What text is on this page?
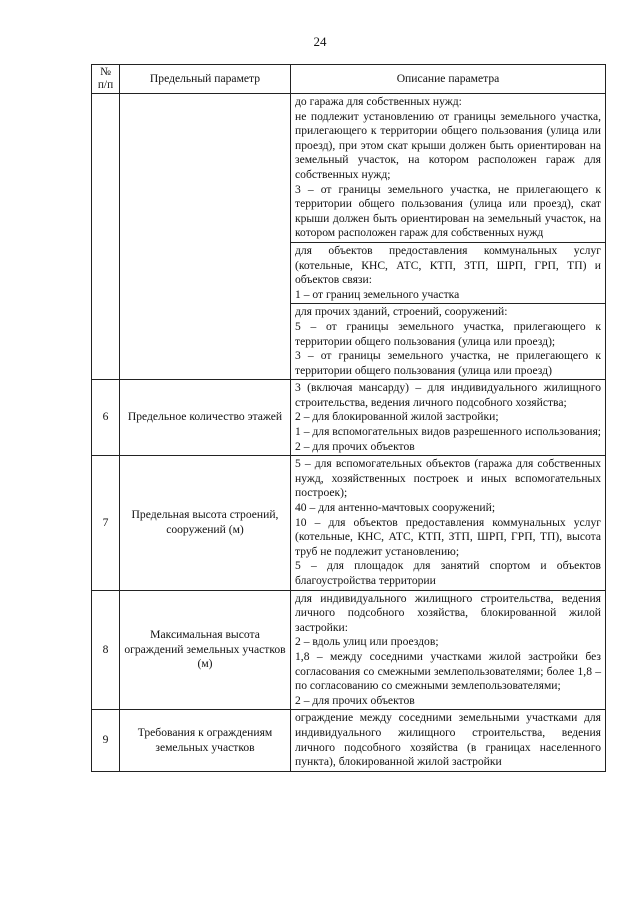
24
№ п/п	Предельный параметр	Описание параметра

		до гаража для собственных нужд:

не подлежит установлению от границы земельного участка, прилегающего к территории общего пользования (улица или проезд), при этом скат крыши должен быть ориентирован на земельный участок, на котором расположен гараж для собственных нужд;

3 – от границы земельного участка, не прилегающего к территории общего пользования (улица или проезд), скат крыши должен быть ориентирован на земельный участок, на котором расположен гараж для собственных нужд

		для объектов предоставления коммунальных услуг (котельные, КНС, АТС, КТП, ЗТП, ШРП, ГРП, ТП) и объектов связи:

1 – от границ земельного участка

		для прочих зданий, строений, сооружений:

5 – от границы земельного участка, прилегающего к территории общего пользования (улица или проезд);

3 – от границы земельного участка, не прилегающего к территории общего пользования (улица или проезд)

6	Предельное количество этажей	3 (включая мансарду) – для индивидуального жилищного строительства, ведения личного подсобного хозяйства;

2 – для блокированной жилой застройки;

1 – для вспомогательных видов разрешенного использования;

2 – для прочих объектов

7	Предельная высота строений, сооружений (м)	5 – для вспомогательных объектов (гаража для собственных нужд, хозяйственных построек и иных вспомогательных построек);

40 – для антенно-мачтовых сооружений;

10 – для объектов предоставления коммунальных услуг (котельные, КНС, АТС, КТП, ЗТП, ШРП, ГРП, ТП), высота труб не подлежит установлению;

5 – для площадок для занятий спортом и объектов благоустройства территории

8	Максимальная высота ограждений земельных участков (м)	для индивидуального жилищного строительства, ведения личного подсобного хозяйства, блокированной жилой застройки:

2 – вдоль улиц или проездов;

1,8 – между соседними участками жилой застройки без согласования со смежными землепользователями; более 1,8 – по согласованию со смежными землепользователями;

2 – для прочих объектов

9	Требования к ограждениям земельных участков	ограждение между соседними земельными участками для индивидуального жилищного строительства, ведения личного подсобного хозяйства (в границах населенного пункта), блокированной жилой застройки
